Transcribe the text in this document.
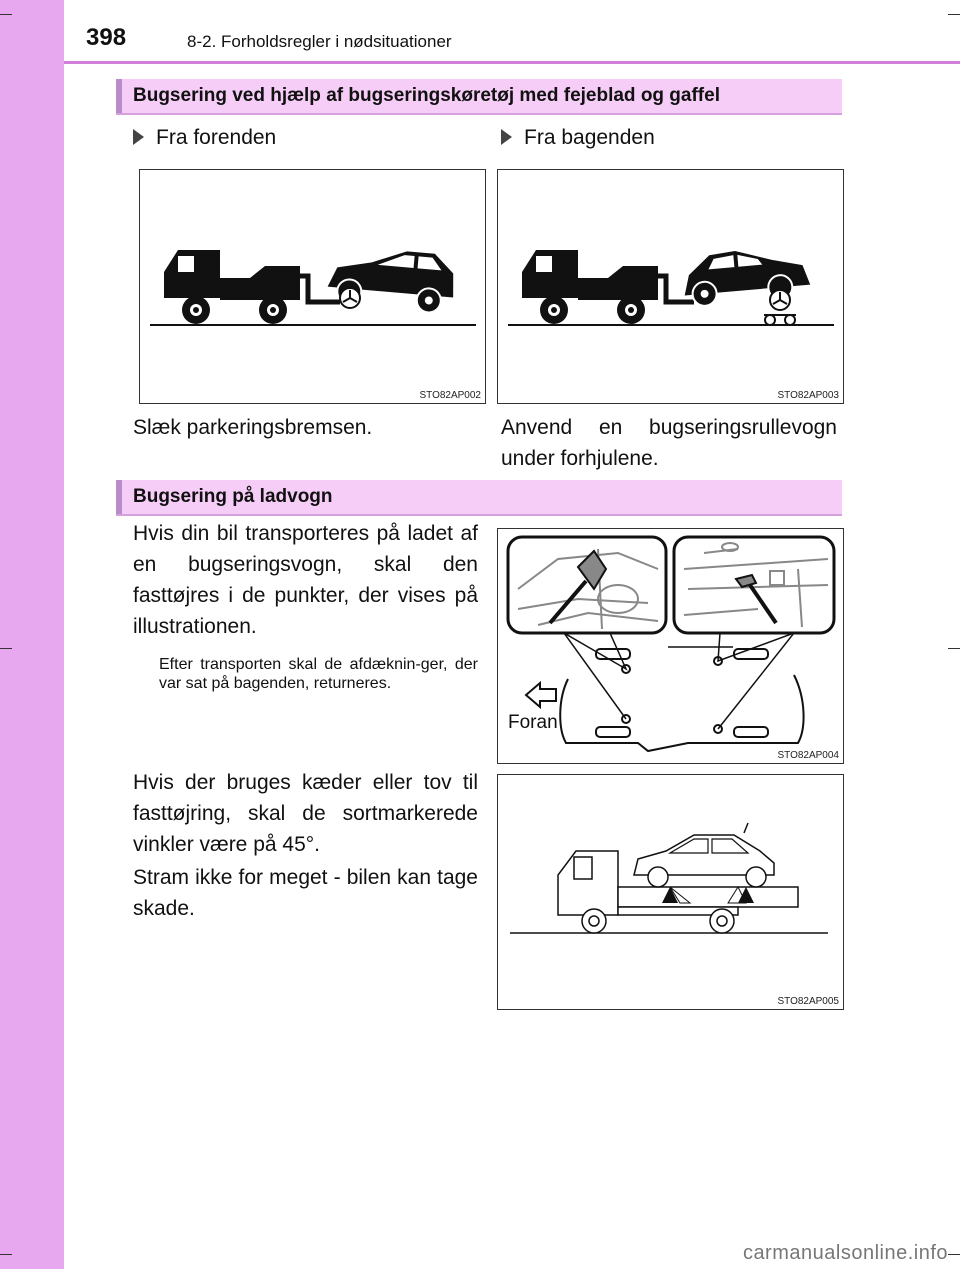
398	8-2. Forholdsregler i nødsituationer
Bugsering ved hjælp af bugseringskøretøj med fejeblad og gaffel
Fra forenden	Fra bagenden
STO82AP002	STO82AP003
Slæk parkeringsbremsen.	Anvend en bugseringsrullevogn
under forhjulene.
Bugsering på ladvogn
Hvis din bil transporteres på ladet af en bugseringsvogn, skal den fasttøjres i de punkter, der vises på illustrationen.
Efter transporten skal de afdæknin-ger, der var sat på bagenden, returneres.
Foran
STO82AP004
Hvis der bruges kæder eller tov til fasttøjring, skal de sortmarkerede vinkler være på 45°.
Stram ikke for meget - bilen kan tage skade.
STO82AP005
carmanualsonline.info
